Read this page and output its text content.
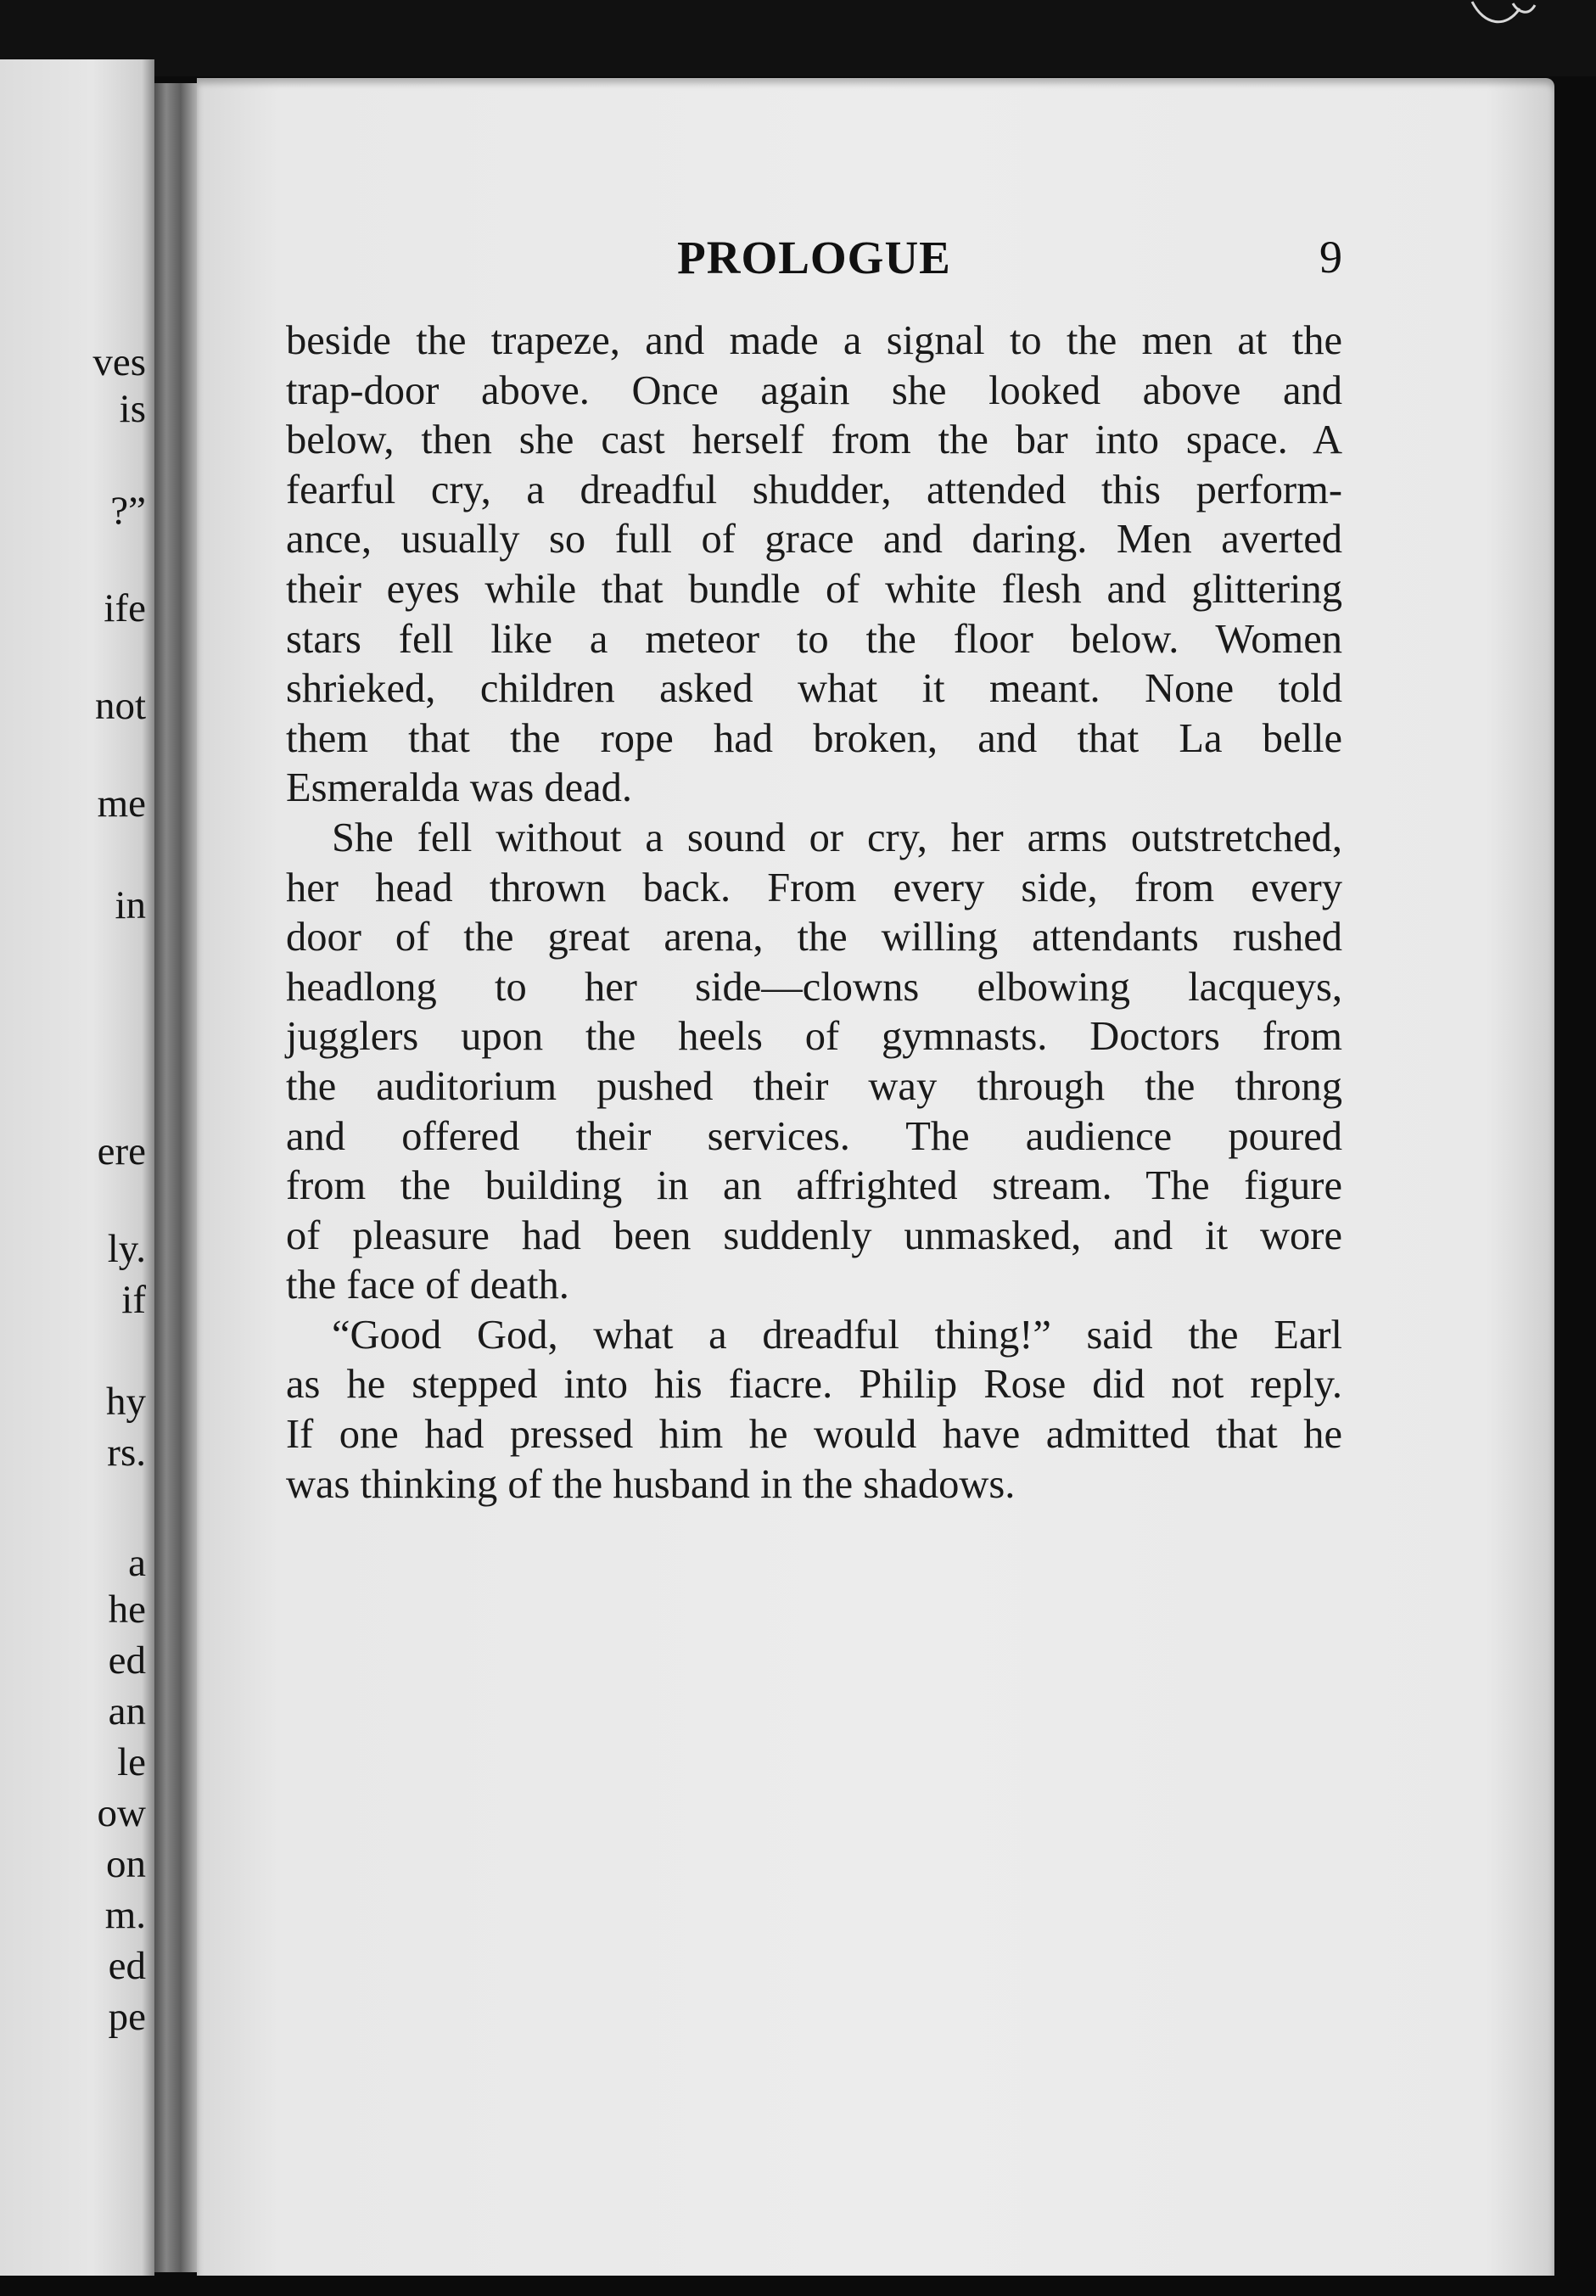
ves
is
?”
ife
not
me
in
ere
ly.
if
hy
rs.
a
he
ed
an
le
ow
on
m.
ed
pe
PROLOGUE	9
beside the trapeze, and made a signal to the men at the
trap-door above. Once again she looked above and
below, then she cast herself from the bar into space. A
fearful cry, a dreadful shudder, attended this perform-
ance, usually so full of grace and daring. Men averted
their eyes while that bundle of white flesh and glittering
stars fell like a meteor to the floor below. Women
shrieked, children asked what it meant. None told
them that the rope had broken, and that La belle
Esmeralda was dead.
She fell without a sound or cry, her arms outstretched,
her head thrown back. From every side, from every
door of the great arena, the willing attendants rushed
headlong to her side—clowns elbowing lacqueys,
jugglers upon the heels of gymnasts. Doctors from
the auditorium pushed their way through the throng
and offered their services. The audience poured
from the building in an affrighted stream. The figure
of pleasure had been suddenly unmasked, and it wore
the face of death.
“Good God, what a dreadful thing!” said the Earl
as he stepped into his fiacre. Philip Rose did not reply.
If one had pressed him he would have admitted that he
was thinking of the husband in the shadows.
